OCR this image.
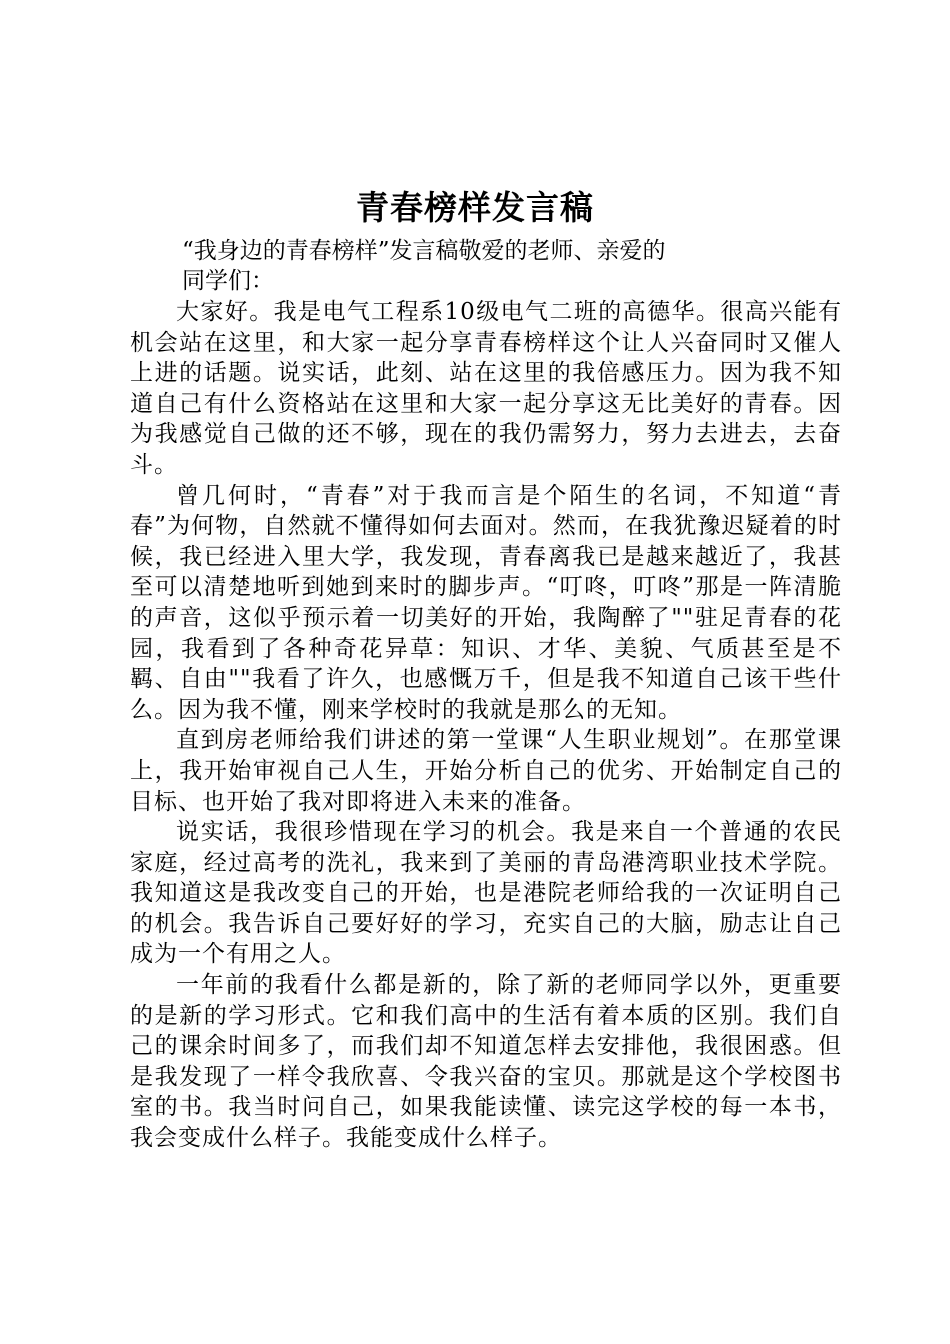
青春榜样发言稿
“我身边的青春榜样”发言稿敬爱的老师、亲爱的
同学们：

大家好。我是电气工程系10级电气二班的高德华。很高兴能有机会站在这里，和大家一起分享青春榜样这个让人兴奋同时又催人上进的话题。说实话，此刻、站在这里的我倍感压力。因为我不知道自己有什么资格站在这里和大家一起分享这无比美好的青春。因为我感觉自己做的还不够，现在的我仍需努力，努力去进去，去奋斗。

曾几何时，“青春”对于我而言是个陌生的名词，不知道“青春”为何物，自然就不懂得如何去面对。然而，在我犹豫迟疑着的时候，我已经进入里大学，我发现，青春离我已是越来越近了，我甚至可以清楚地听到她到来时的脚步声。“叮咚，叮咚”那是一阵清脆的声音，这似乎预示着一切美好的开始，我陶醉了""驻足青春的花园，我看到了各种奇花异草：知识、才华、美貌、气质甚至是不羁、自由""我看了许久，也感慨万千，但是我不知道自己该干些什么。因为我不懂，刚来学校时的我就是那么的无知。

直到房老师给我们讲述的第一堂课“人生职业规划”。在那堂课上，我开始审视自己人生，开始分析自己的优劣、开始制定自己的目标、也开始了我对即将进入未来的准备。

说实话，我很珍惜现在学习的机会。我是来自一个普通的农民家庭，经过高考的洗礼，我来到了美丽的青岛港湾职业技术学院。我知道这是我改变自己的开始，也是港院老师给我的一次证明自己的机会。我告诉自己要好好的学习，充实自己的大脑，励志让自己成为一个有用之人。

一年前的我看什么都是新的，除了新的老师同学以外，更重要的是新的学习形式。它和我们高中的生活有着本质的区别。我们自己的课余时间多了，而我们却不知道怎样去安排他，我很困惑。但是我发现了一样令我欣喜、令我兴奋的宝贝。那就是这个学校图书室的书。我当时问自己，如果我能读懂、读完这学校的每一本书，我会变成什么样子。我能变成什么样子。
